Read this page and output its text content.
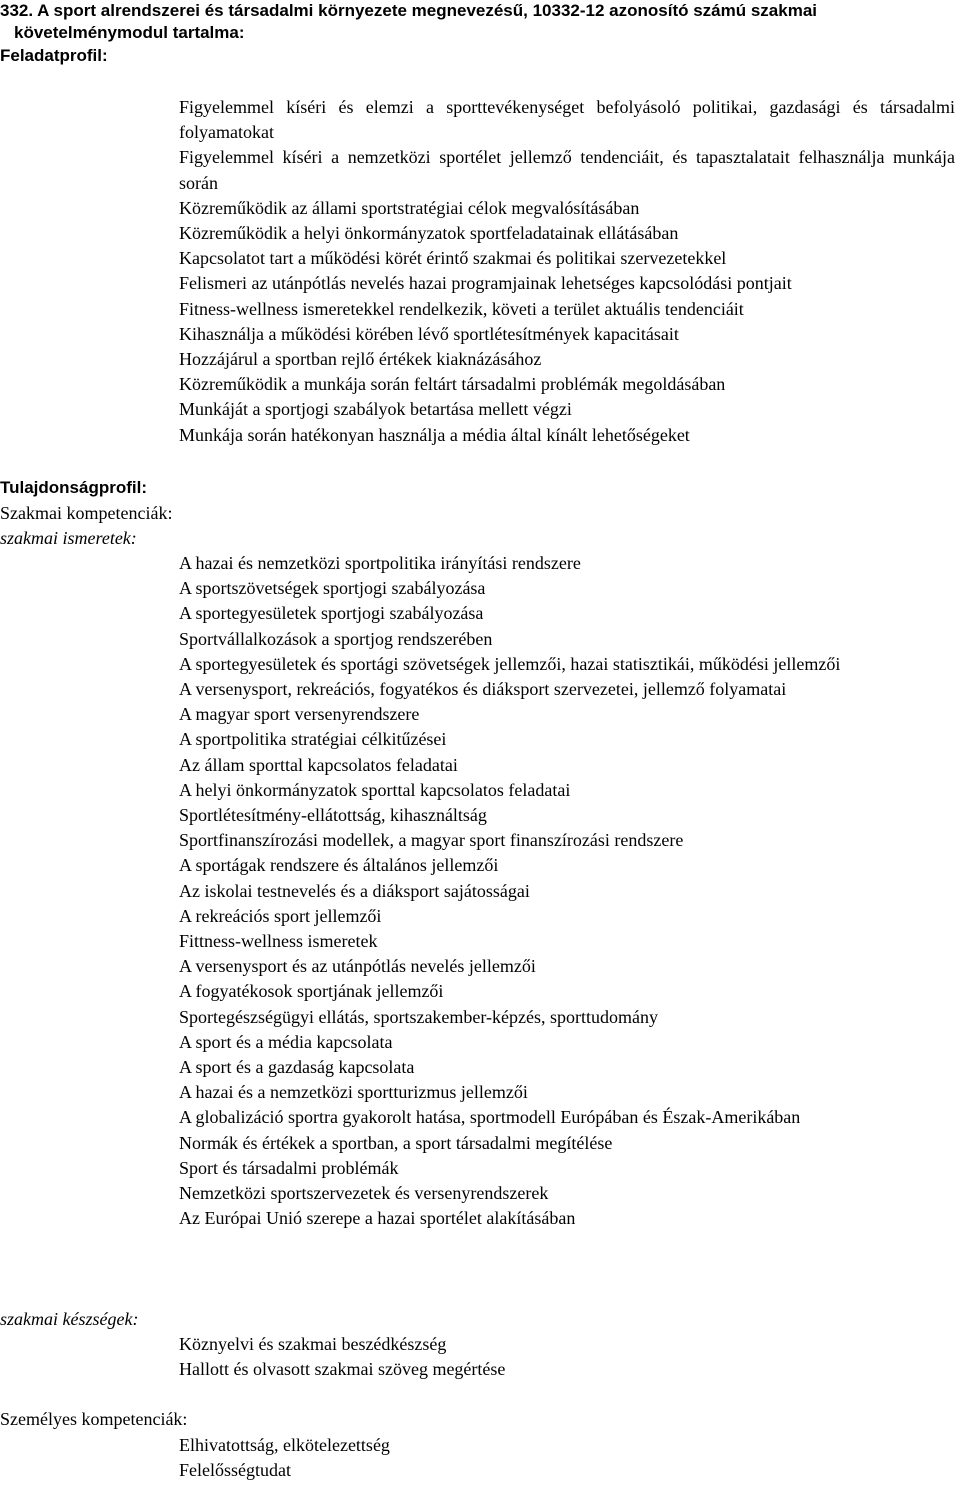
332. A sport alrendszerei és társadalmi környezete megnevezésű, 10332-12 azonosító számú szakmai
követelménymodul tartalma:
Feladatprofil:
Figyelemmel kíséri és elemzi a sporttevékenységet befolyásoló politikai, gazdasági és társadalmi folyamatokat
Figyelemmel kíséri a nemzetközi sportélet jellemző tendenciáit, és tapasztalatait felhasználja munkája során
Közreműködik az állami sportstratégiai célok megvalósításában
Közreműködik a helyi önkormányzatok sportfeladatainak ellátásában
Kapcsolatot tart a működési körét érintő szakmai és politikai szervezetekkel
Felismeri az utánpótlás nevelés hazai programjainak lehetséges kapcsolódási pontjait
Fitness-wellness ismeretekkel rendelkezik, követi a terület aktuális tendenciáit
Kihasználja a működési körében lévő sportlétesítmények kapacitásait
Hozzájárul a sportban rejlő értékek kiaknázásához
Közreműködik a munkája során feltárt társadalmi problémák megoldásában
Munkáját a sportjogi szabályok betartása mellett végzi
Munkája során hatékonyan használja a média által kínált lehetőségeket
Tulajdonságprofil:
Szakmai kompetenciák:
szakmai ismeretek:
A hazai és nemzetközi sportpolitika irányítási rendszere
A sportszövetségek sportjogi szabályozása
A sportegyesületek sportjogi szabályozása
Sportvállalkozások a sportjog rendszerében
A sportegyesületek és sportági szövetségek jellemzői, hazai statisztikái, működési jellemzői
A versenysport, rekreációs, fogyatékos és diáksport szervezetei, jellemző folyamatai
A magyar sport versenyrendszere
A sportpolitika stratégiai célkitűzései
Az állam sporttal kapcsolatos feladatai
A helyi önkormányzatok sporttal kapcsolatos feladatai
Sportlétesítmény-ellátottság, kihasználtság
Sportfinanszírozási modellek, a magyar sport finanszírozási rendszere
A sportágak rendszere és általános jellemzői
Az iskolai testnevelés és a diáksport sajátosságai
A rekreációs sport jellemzői
Fittness-wellness ismeretek
A versenysport és az utánpótlás nevelés jellemzői
A fogyatékosok sportjának jellemzői
Sportegészségügyi ellátás, sportszakember-képzés, sporttudomány
A sport és a média kapcsolata
A sport és a gazdaság kapcsolata
A hazai és a nemzetközi sportturizmus jellemzői
A globalizáció sportra gyakorolt hatása, sportmodell Európában és Észak-Amerikában
Normák és értékek a sportban, a sport társadalmi megítélése
Sport és társadalmi problémák
Nemzetközi sportszervezetek és versenyrendszerek
Az Európai Unió szerepe a hazai sportélet alakításában
szakmai készségek:
Köznyelvi és szakmai beszédkészség
Hallott és olvasott szakmai szöveg megértése
Személyes kompetenciák:
Elhivatottság, elkötelezettség
Felelősségtudat
